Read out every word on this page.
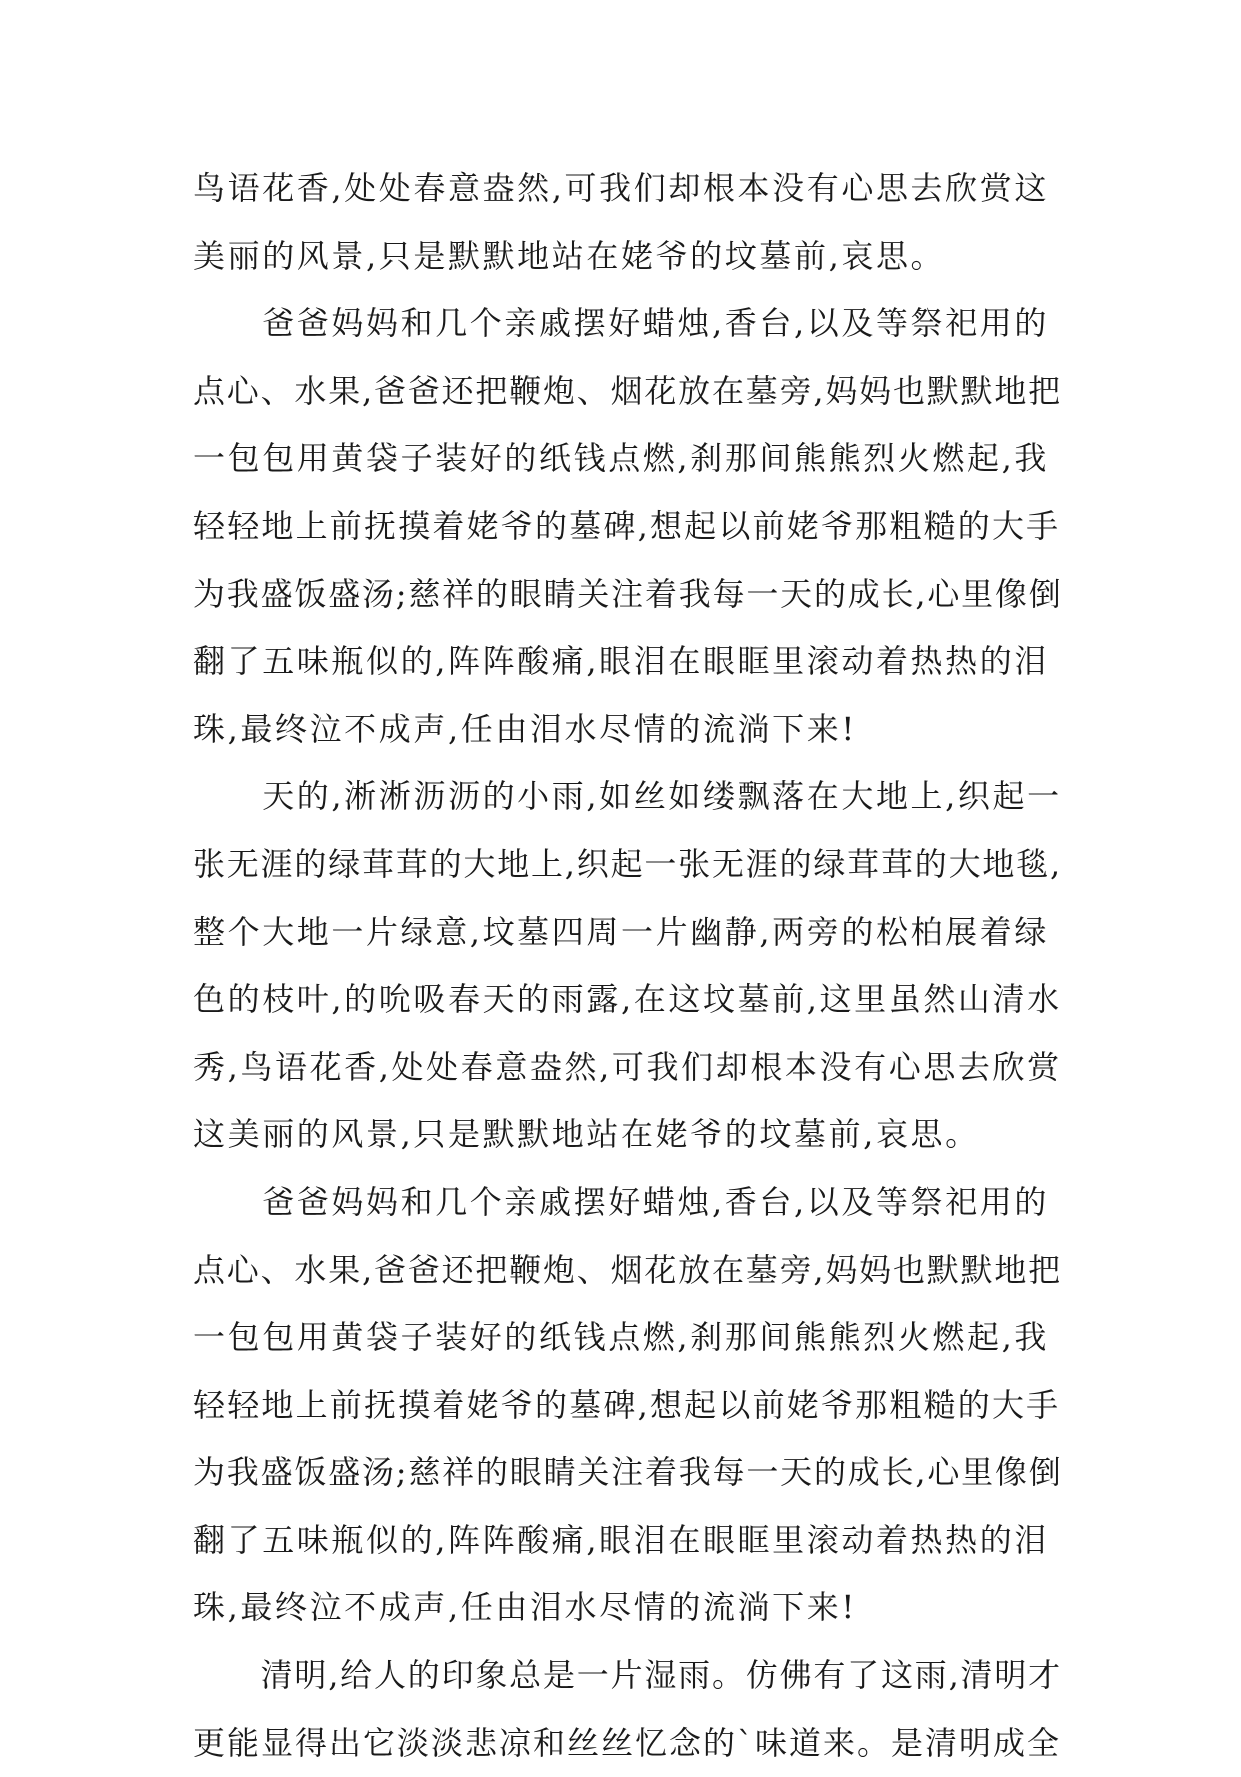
鸟语花香,处处春意盎然,可我们却根本没有心思去欣赏这
美丽的风景,只是默默地站在姥爷的坟墓前,哀思。
　　爸爸妈妈和几个亲戚摆好蜡烛,香台,以及等祭祀用的
点心、水果,爸爸还把鞭炮、烟花放在墓旁,妈妈也默默地把
一包包用黄袋子装好的纸钱点燃,刹那间熊熊烈火燃起,我
轻轻地上前抚摸着姥爷的墓碑,想起以前姥爷那粗糙的大手
为我盛饭盛汤;慈祥的眼睛关注着我每一天的成长,心里像倒
翻了五味瓶似的,阵阵酸痛,眼泪在眼眶里滚动着热热的泪
珠,最终泣不成声,任由泪水尽情的流淌下来!
　　天的,淅淅沥沥的小雨,如丝如缕飘落在大地上,织起一
张无涯的绿茸茸的大地上,织起一张无涯的绿茸茸的大地毯,
整个大地一片绿意,坟墓四周一片幽静,两旁的松柏展着绿
色的枝叶,的吮吸春天的雨露,在这坟墓前,这里虽然山清水
秀,鸟语花香,处处春意盎然,可我们却根本没有心思去欣赏
这美丽的风景,只是默默地站在姥爷的坟墓前,哀思。
　　爸爸妈妈和几个亲戚摆好蜡烛,香台,以及等祭祀用的
点心、水果,爸爸还把鞭炮、烟花放在墓旁,妈妈也默默地把
一包包用黄袋子装好的纸钱点燃,刹那间熊熊烈火燃起,我
轻轻地上前抚摸着姥爷的墓碑,想起以前姥爷那粗糙的大手
为我盛饭盛汤;慈祥的眼睛关注着我每一天的成长,心里像倒
翻了五味瓶似的,阵阵酸痛,眼泪在眼眶里滚动着热热的泪
珠,最终泣不成声,任由泪水尽情的流淌下来!
　　清明,给人的印象总是一片湿雨。仿佛有了这雨,清明才
更能显得出它淡淡悲凉和丝丝忆念的`味道来。是清明成全
